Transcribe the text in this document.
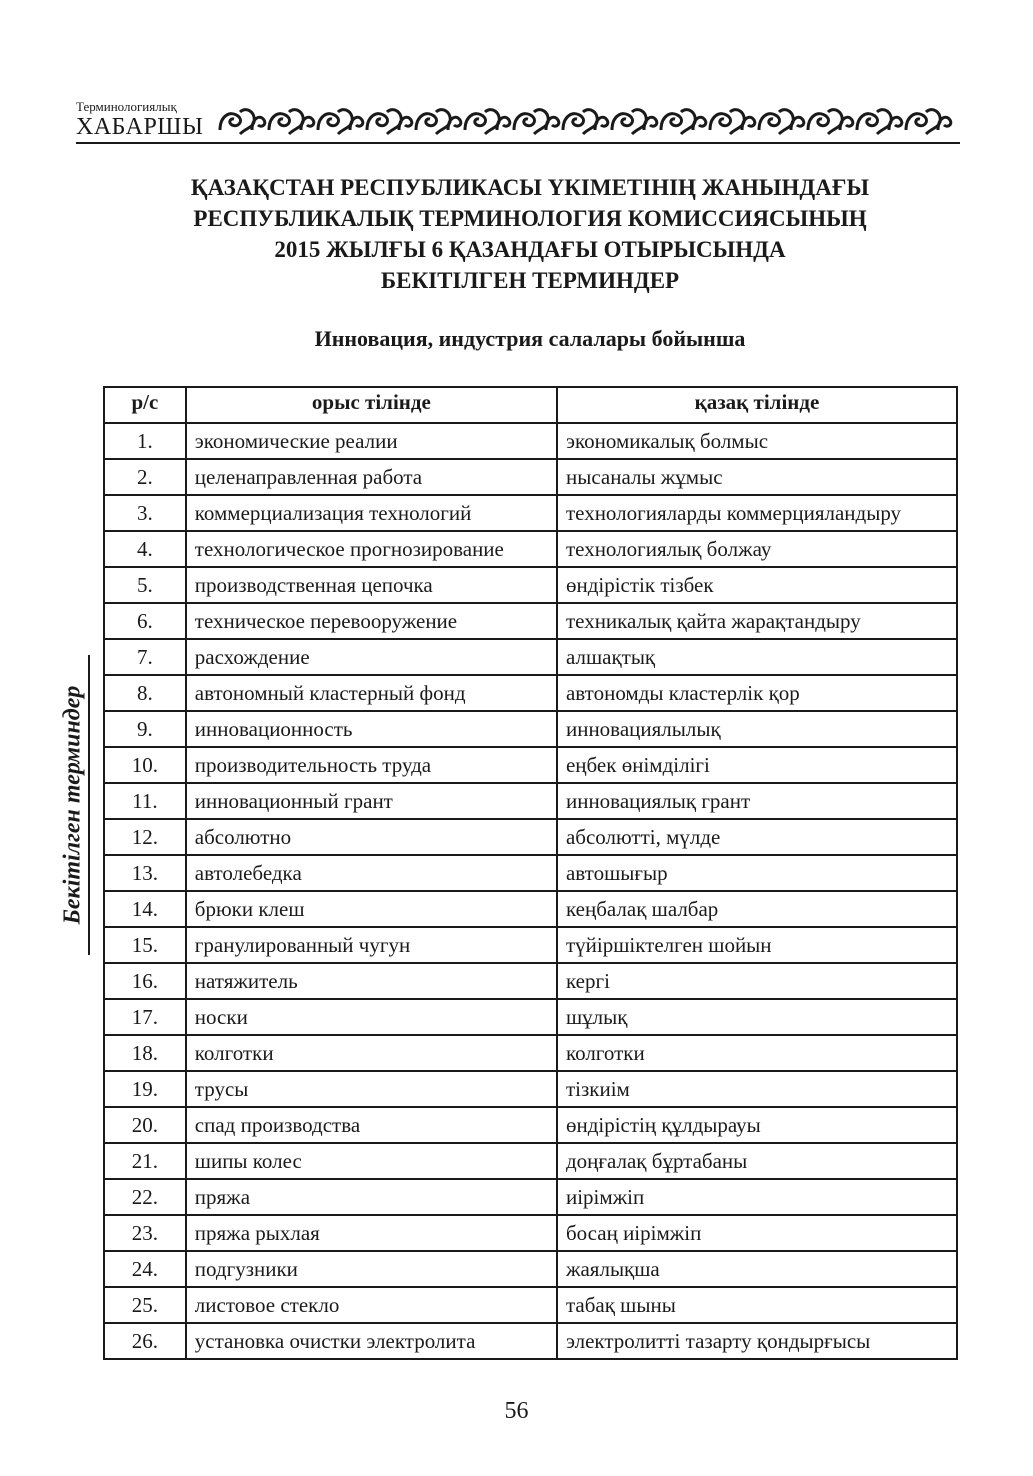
Терминологиялық
ХАБАРШЫ
ҚАЗАҚСТАН РЕСПУБЛИКАСЫ ҮКІМЕТІНІҢ ЖАНЫНДАҒЫ
РЕСПУБЛИКАЛЫҚ ТЕРМИНОЛОГИЯ КОМИССИЯСЫНЫҢ
2015 ЖЫЛҒЫ 6 ҚАЗАНДАҒЫ ОТЫРЫСЫНДА
БЕКІТІЛГЕН ТЕРМИНДЕР
Инновация, индустрия салалары бойынша
Бекітілген терминдер
р/с	орыс тілінде	қазақ тілінде
1.	экономические реалии	экономикалық болмыс
2.	целенаправленная работа	нысаналы жұмыс
3.	коммерциализация технологий	технологияларды коммерцияландыру
4.	технологическое прогнозирование	технологиялық болжау
5.	производственная цепочка	өндірістік тізбек
6.	техническое перевооружение	техникалық қайта жарақтандыру
7.	расхождение	алшақтық
8.	автономный кластерный фонд	автономды кластерлік қор
9.	инновационность	инновациялылық
10.	производительность труда	еңбек өнімділігі
11.	инновационный грант	инновациялық грант
12.	абсолютно	абсолютті, мүлде
13.	автолебедка	автошығыр
14.	брюки клеш	кеңбалақ шалбар
15.	гранулированный чугун	түйіршіктелген шойын
16.	натяжитель	кергі
17.	носки	шұлық
18.	колготки	колготки
19.	трусы	тізкиім
20.	спад производства	өндірістің құлдырауы
21.	шипы колес	доңғалақ бұртабаны
22.	пряжа	иірімжіп
23.	пряжа рыхлая	босаң иірімжіп
24.	подгузники	жаялықша
25.	листовое стекло	табақ шыны
26.	установка очистки электролита	электролитті тазарту қондырғысы
56
